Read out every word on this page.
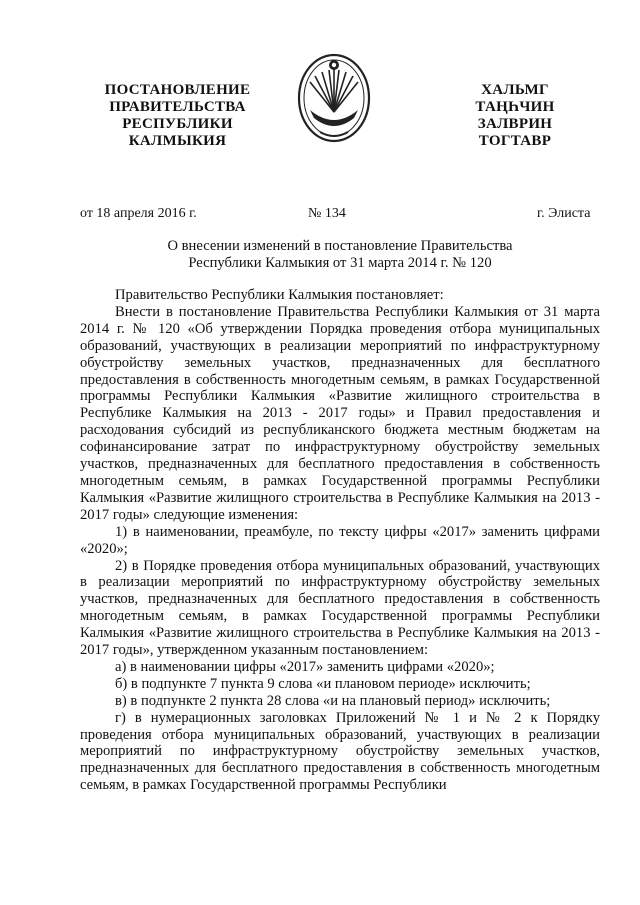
ПОСТАНОВЛЕНИЕ
ПРАВИТЕЛЬСТВА
РЕСПУБЛИКИ
КАЛМЫКИЯ
ХАЛЬМГ
ТАҢҺЧИН
ЗАЛВРИН
ТОГТАВР
от 18 апреля 2016 г.	№ 134	г. Элиста
О внесении изменений в постановление Правительства
Республики Калмыкия от 31 марта 2014 г. № 120

Правительство Республики Калмыкия постановляет:

Внести в постановление Правительства Республики Калмыкия от 31 марта 2014 г. № 120 «Об утверждении Порядка проведения отбора муниципальных образований, участвующих в реализации мероприятий по инфраструктурному обустройству земельных участков, предназначенных для бесплатного предоставления в собственность многодетным семьям, в рамках Государственной программы Республики Калмыкия «Развитие жилищного строительства в Республике Калмыкия на 2013 - 2017 годы» и Правил предоставления и расходования субсидий из республиканского бюджета местным бюджетам на софинансирование затрат по инфраструктурному обустройству земельных участков, предназначенных для бесплатного предоставления в собственность многодетным семьям, в рамках Государственной программы Республики Калмыкия «Развитие жилищного строительства в Республике Калмыкия на 2013 - 2017 годы» следующие изменения:

1) в наименовании, преамбуле, по тексту цифры «2017» заменить цифрами «2020»;

2) в Порядке проведения отбора муниципальных образований, участвующих в реализации мероприятий по инфраструктурному обустройству земельных участков, предназначенных для бесплатного предоставления в собственность многодетным семьям, в рамках Государственной программы Республики Калмыкия «Развитие жилищного строительства в Республике Калмыкия на 2013 - 2017 годы», утвержденном указанным постановлением:

а) в наименовании цифры «2017» заменить цифрами «2020»;

б) в подпункте 7 пункта 9 слова «и плановом периоде» исключить;

в) в подпункте 2 пункта 28 слова «и на плановый период» исключить;

г) в нумерационных заголовках Приложений № 1 и № 2 к Порядку проведения отбора муниципальных образований, участвующих в реализации мероприятий по инфраструктурному обустройству земельных участков, предназначенных для бесплатного предоставления в собственность многодетным семьям, в рамках Государственной программы Республики
